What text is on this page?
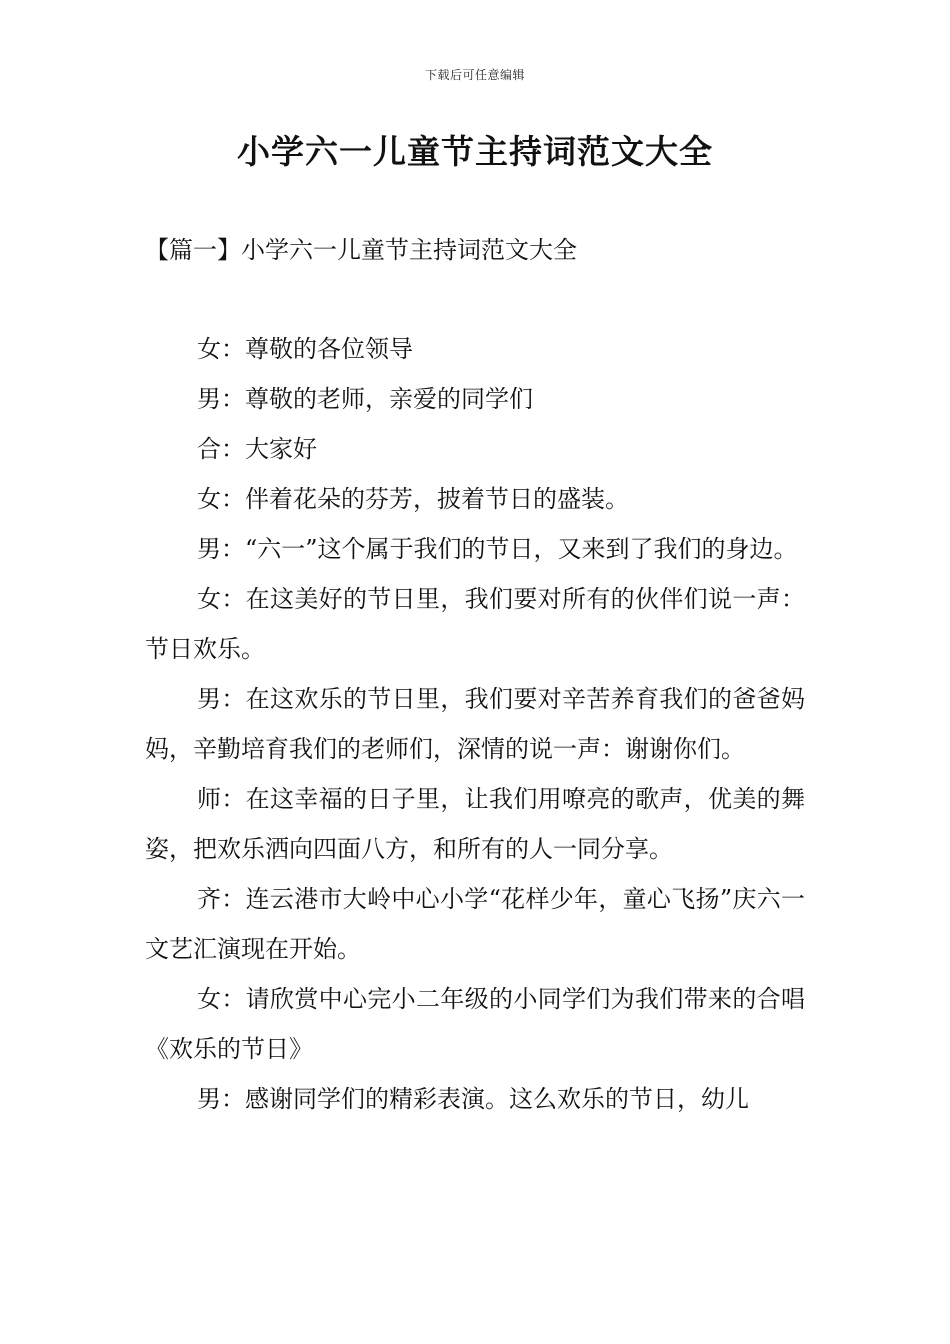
下载后可任意编辑
小学六一儿童节主持词范文大全
【篇一】小学六一儿童节主持词范文大全

女：尊敬的各位领导

男：尊敬的老师，亲爱的同学们

合：大家好

女：伴着花朵的芬芳，披着节日的盛装。

男：“六一”这个属于我们的节日，又来到了我们的身边。

女：在这美好的节日里，我们要对所有的伙伴们说一声：节日欢乐。

男：在这欢乐的节日里，我们要对辛苦养育我们的爸爸妈妈，辛勤培育我们的老师们，深情的说一声：谢谢你们。

师：在这幸福的日子里，让我们用嘹亮的歌声，优美的舞姿，把欢乐洒向四面八方，和所有的人一同分享。

齐：连云港市大岭中心小学“花样少年，童心飞扬”庆六一文艺汇演现在开始。

女：请欣赏中心完小二年级的小同学们为我们带来的合唱《欢乐的节日》

男：感谢同学们的精彩表演。这么欢乐的节日，幼儿
